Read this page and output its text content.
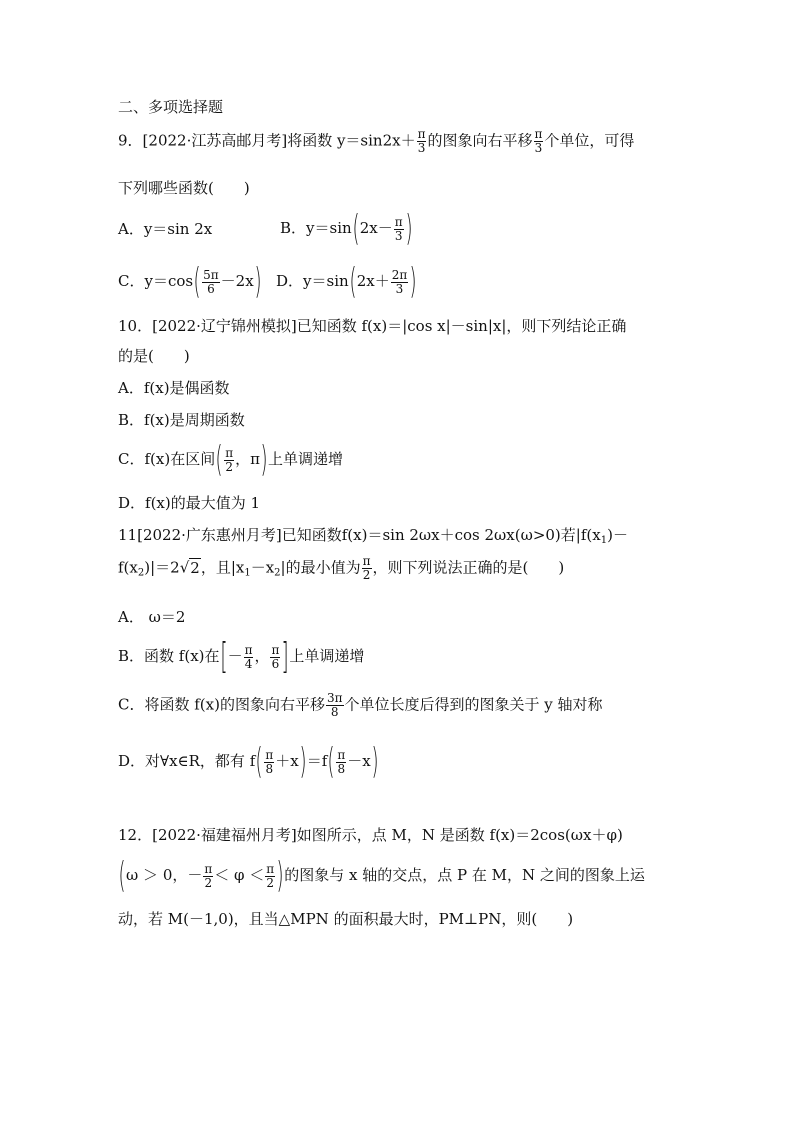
二、多项选择题
9．[2022·江苏高邮月考]将函数 $y=\sin 2x+ \frac{\pi}{3}$ 的图象向右平移 $\frac{\pi}{3}$ 个单位，可得
下列哪些函数(　　)
A．y＝sin 2x	B．$y=\sin(2x- \frac{\pi}{3}$ )
C．$y=\cos( \frac{5\pi}{6} -2x)$ D．$y=\sin(2x+ \frac{2\pi}{3}$ )
10．[2022·辽宁锦州模拟]已知函数 f(x)＝|cos x|－sin|x|，则下列结论正确
的是(　　)
A．f(x)是偶函数
B．f(x)是周期函数
C．f(x)在区间( $\frac{\pi}{2}$ ，π)上单调递增
D．f(x)的最大值为 1
11[2022·广东惠州月考]已知函数f(x)＝sin 2ωx＋cos 2ωx(ω>0)若$|f(x_1)-$
$f(x_2)|=2√2$，且$|x_1-x_2|$的最小值为 $\frac{\pi}{2}$ ，则下列说法正确的是(　　)
A． ω＝2
B．函数 f(x)在[－ $\frac{\pi}{4}$ ， $\frac{\pi}{6}$ ]上单调递增
C．将函数 f(x)的图象向右平移 $\frac{3\pi}{8}$ 个单位长度后得到的图象关于 y 轴对称
D．对∀x∈R，都有 $f( \frac{\pi}{8} +x)=f( \frac{\pi}{8} -x)$
12．[2022·福建福州月考]如图所示，点 M，N 是函数 f(x)＝2cos(ωx＋φ)
(ω ＞ 0，－ $\frac{\pi}{2} < \varphi < \frac{\pi}{2}$ )的图象与 x 轴的交点，点 P 在 M，N 之间的图象上运
动，若 M(－1,0)，且当△MPN 的面积最大时，PM⊥PN，则(　　)
